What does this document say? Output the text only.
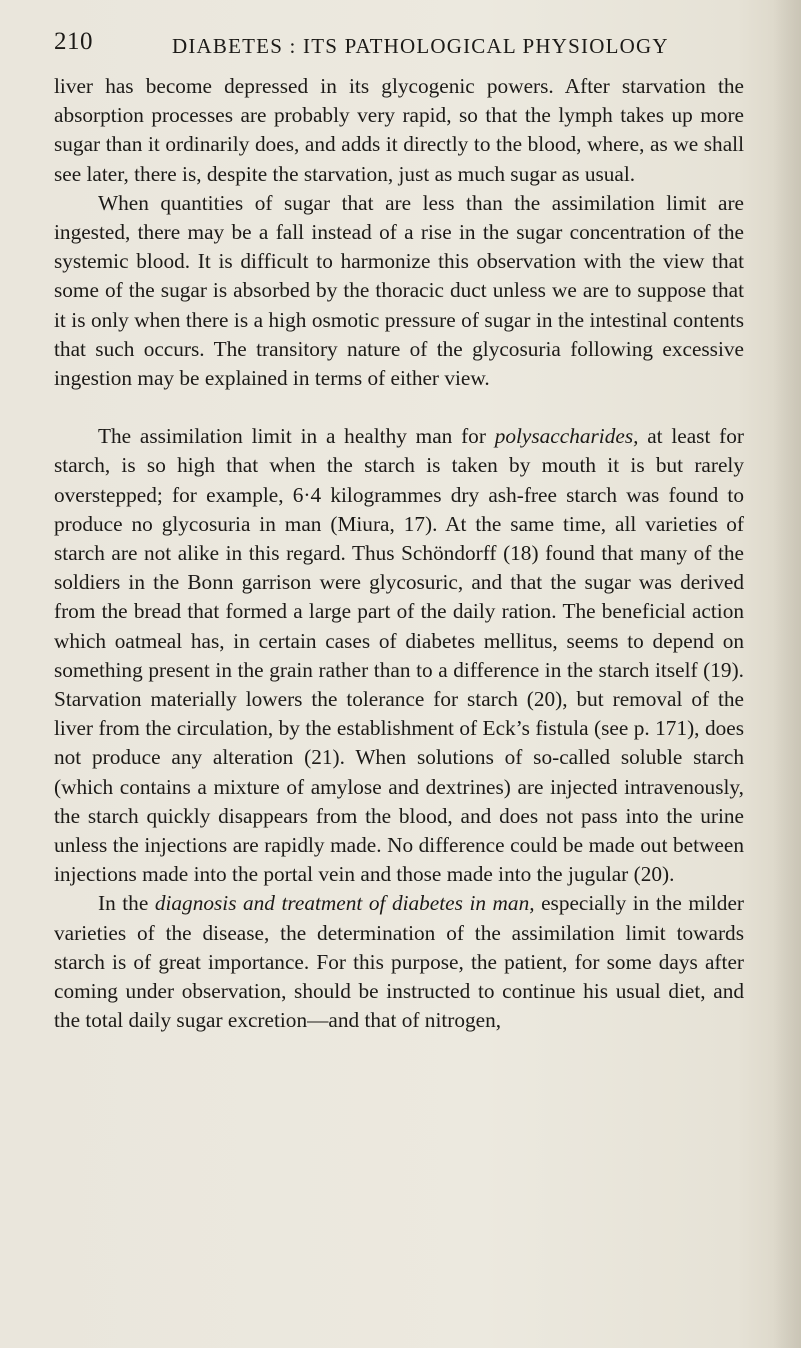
210	DIABETES : ITS PATHOLOGICAL PHYSIOLOGY

liver has become depressed in its glycogenic powers. After starvation the absorption processes are probably very rapid, so that the lymph takes up more sugar than it ordinarily does, and adds it directly to the blood, where, as we shall see later, there is, despite the starvation, just as much sugar as usual.

When quantities of sugar that are less than the assimilation limit are ingested, there may be a fall instead of a rise in the sugar concentration of the systemic blood. It is difficult to harmonize this observation with the view that some of the sugar is absorbed by the thoracic duct unless we are to suppose that it is only when there is a high osmotic pressure of sugar in the intestinal contents that such occurs. The transitory nature of the glycosuria following excessive ingestion may be explained in terms of either view.

The assimilation limit in a healthy man for polysaccharides, at least for starch, is so high that when the starch is taken by mouth it is but rarely overstepped; for example, 6·4 kilogrammes dry ash-free starch was found to produce no glycosuria in man (Miura, 17). At the same time, all varieties of starch are not alike in this regard. Thus Schöndorff (18) found that many of the soldiers in the Bonn garrison were glycosuric, and that the sugar was derived from the bread that formed a large part of the daily ration. The beneficial action which oatmeal has, in certain cases of diabetes mellitus, seems to depend on something present in the grain rather than to a difference in the starch itself (19). Starvation materially lowers the tolerance for starch (20), but removal of the liver from the circulation, by the establishment of Eck’s fistula (see p. 171), does not produce any alteration (21). When solutions of so-called soluble starch (which contains a mixture of amylose and dextrines) are injected intravenously, the starch quickly disappears from the blood, and does not pass into the urine unless the injections are rapidly made. No difference could be made out between injections made into the portal vein and those made into the jugular (20).

In the diagnosis and treatment of diabetes in man, especially in the milder varieties of the disease, the determination of the assimilation limit towards starch is of great importance. For this purpose, the patient, for some days after coming under observation, should be instructed to continue his usual diet, and the total daily sugar excretion—and that of nitrogen,
